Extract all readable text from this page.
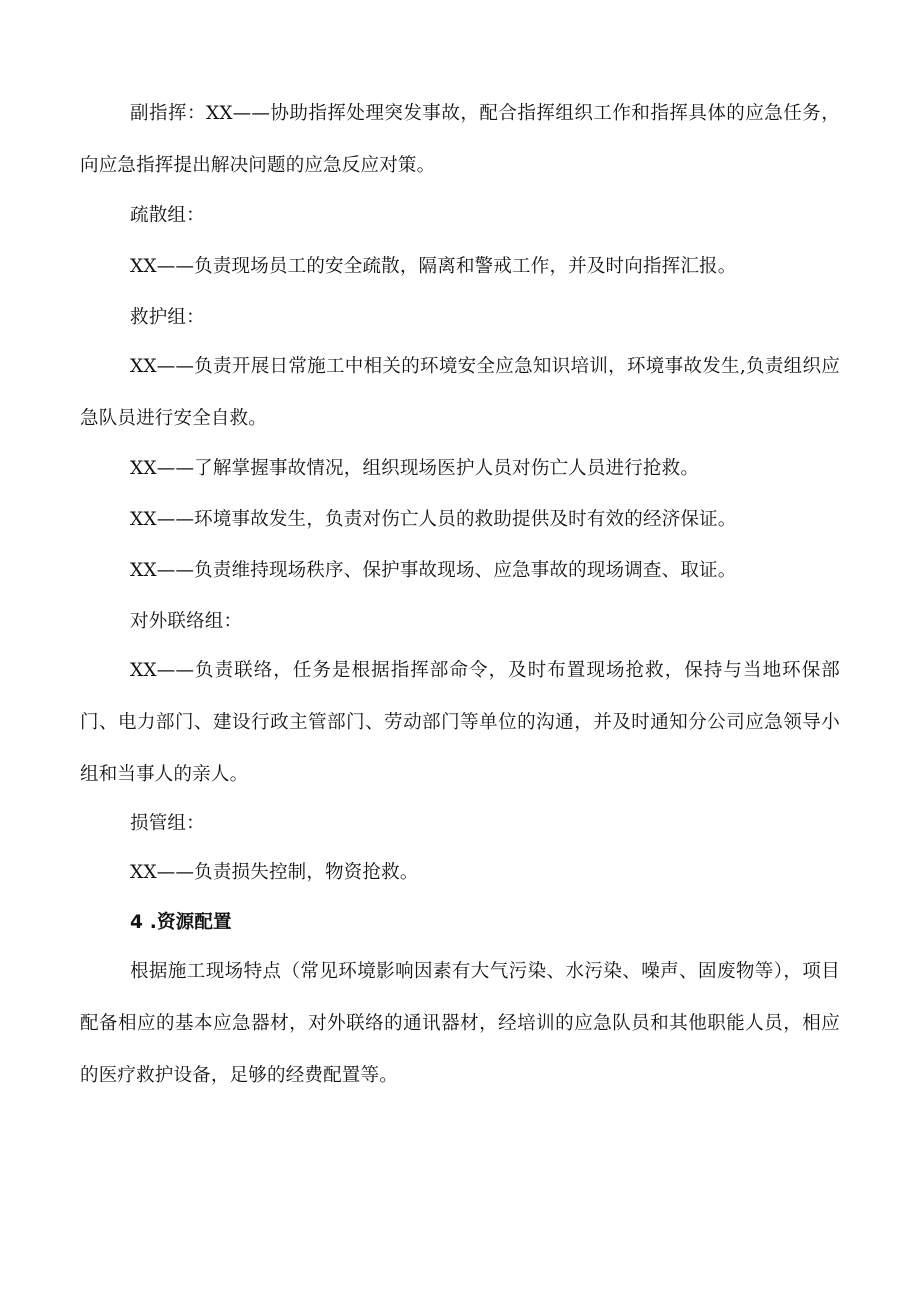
副指挥：XX——协助指挥处理突发事故，配合指挥组织工作和指挥具体的应急任务，向应急指挥提出解决问题的应急反应对策。

疏散组：

XX——负责现场员工的安全疏散，隔离和警戒工作，并及时向指挥汇报。

救护组：

XX——负责开展日常施工中相关的环境安全应急知识培训，环境事故发生,负责组织应急队员进行安全自救。

XX——了解掌握事故情况，组织现场医护人员对伤亡人员进行抢救。

XX——环境事故发生，负责对伤亡人员的救助提供及时有效的经济保证。

XX——负责维持现场秩序、保护事故现场、应急事故的现场调查、取证。

对外联络组：

XX——负责联络，任务是根据指挥部命令，及时布置现场抢救，保持与当地环保部门、电力部门、建设行政主管部门、劳动部门等单位的沟通，并及时通知分公司应急领导小组和当事人的亲人。

损管组：

XX——负责损失控制，物资抢救。

4 .资源配置

根据施工现场特点（常见环境影响因素有大气污染、水污染、噪声、固废物等），项目配备相应的基本应急器材，对外联络的通讯器材，经培训的应急队员和其他职能人员，相应的医疗救护设备，足够的经费配置等。
